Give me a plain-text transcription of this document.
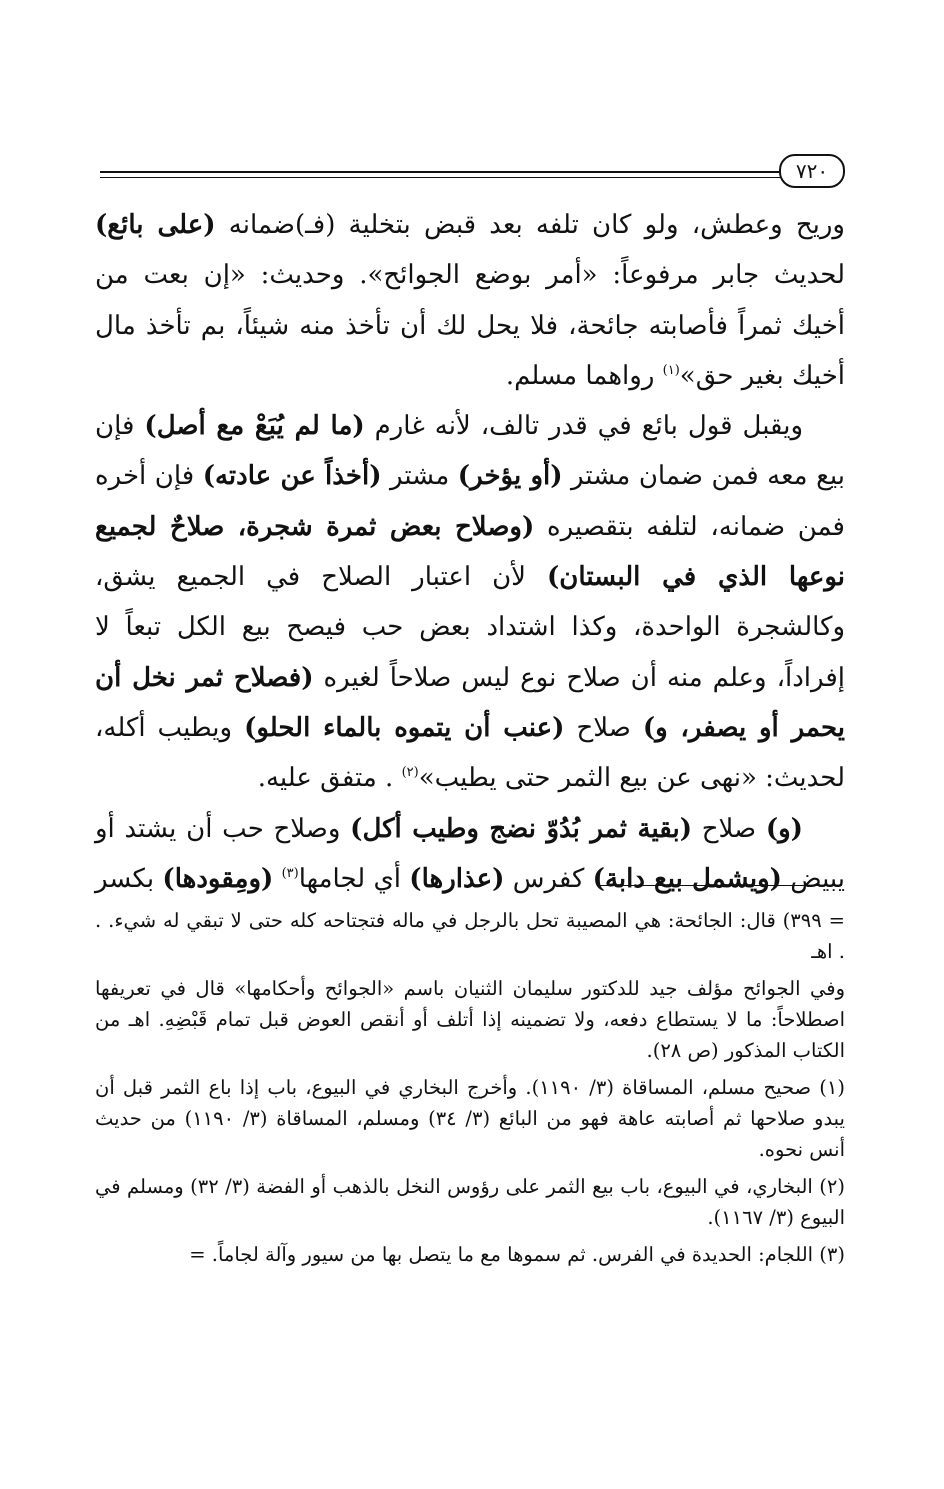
٧٢٠

وريح وعطش، ولو كان تلفه بعد قبض بتخلية (فـ)ضمانه (على بائع) لحديث جابر مرفوعاً: «أمر بوضع الجوائح». وحديث: «إن بعت من أخيك ثمراً فأصابته جائحة، فلا يحل لك أن تأخذ منه شيئاً، بم تأخذ مال أخيك بغير حق»$^{(١)}$ رواهما مسلم.

ويقبل قول بائع في قدر تالف، لأنه غارم (ما لم يُبَعْ مع أصل) فإن بيع معه فمن ضمان مشتر (أو يؤخر) مشتر (أخذاً عن عادته) فإن أخره فمن ضمانه، لتلفه بتقصيره (وصلاح بعض ثمرة شجرة، صلاحٌ لجميع نوعها الذي في البستان) لأن اعتبار الصلاح في الجميع يشق، وكالشجرة الواحدة، وكذا اشتداد بعض حب فيصح بيع الكل تبعاً لا إفراداً، وعلم منه أن صلاح نوع ليس صلاحاً لغيره (فصلاح ثمر نخل أن يحمر أو يصفر، و) صلاح (عنب أن يتموه بالماء الحلو) ويطيب أكله، لحديث: «نهى عن بيع الثمر حتى يطيب»$^{(٢)}$ . متفق عليه.

(و) صلاح (بقية ثمر بُدُوّ نضج وطيب أكل) وصلاح حب أن يشتد أو يبيض (ويشمل بيع دابة) كفرس (عذارها) أي لجامها$^{(٣)}$ (ومِقودها) بكسر

= ٣٩٩) قال: الجائحة: هي المصيبة تحل بالرجل في ماله فتجتاحه كله حتى لا تبقي له شيء. . . اهـ

وفي الجوائح مؤلف جيد للدكتور سليمان الثنيان باسم «الجوائح وأحكامها» قال في تعريفها اصطلاحاً: ما لا يستطاع دفعه، ولا تضمينه إذا أتلف أو أنقص العوض قبل تمام قَبْضِهِ. اهـ من الكتاب المذكور (ص ٢٨).

(١) صحيح مسلم، المساقاة (٣/ ١١٩٠). وأخرج البخاري في البيوع، باب إذا باع الثمر قبل أن يبدو صلاحها ثم أصابته عاهة فهو من البائع (٣/ ٣٤) ومسلم، المساقاة (٣/ ١١٩٠) من حديث أنس نحوه.

(٢) البخاري، في البيوع، باب بيع الثمر على رؤوس النخل بالذهب أو الفضة (٣/ ٣٢) ومسلم في البيوع (٣/ ١١٦٧).

(٣) اللجام: الحديدة في الفرس. ثم سموها مع ما يتصل بها من سيور وآلة لجاماً. =
